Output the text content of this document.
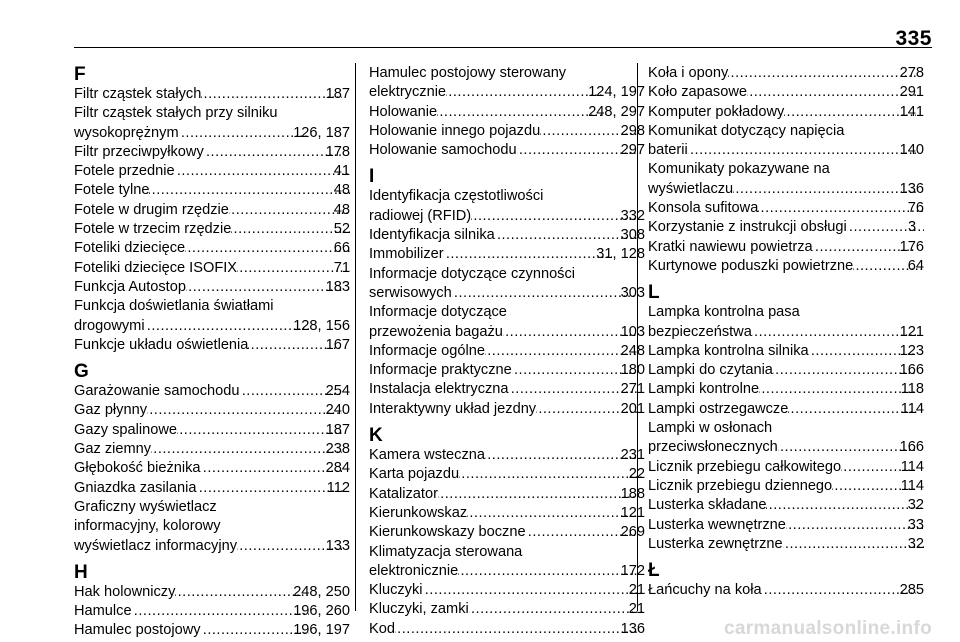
335
F
Filtr cząstek stałych .....	187
Filtr cząstek stałych przy silniku
wysokoprężnym .....	126, 187
Filtr przeciwpyłkowy .....	178
Fotele przednie .....	41
Fotele tylne .....	48
Fotele w drugim rzędzie .....	48
Fotele w trzecim rzędzie .....	52
Foteliki dziecięce .....	66
Foteliki dziecięce ISOFIX .....	71
Funkcja Autostop .....	183
Funkcja doświetlania światłami
drogowymi .....	128, 156
Funkcje układu oświetlenia .....	167
G
Garażowanie samochodu .....	254
Gaz płynny .....	240
Gazy spalinowe .....	187
Gaz ziemny .....	238
Głębokość bieżnika .....	284
Gniazdka zasilania .....	112
Graficzny wyświetlacz
informacyjny, kolorowy
wyświetlacz informacyjny .....	133
H
Hak holowniczy .....	248, 250
Hamulce .....	196, 260
Hamulec postojowy .....	196, 197
Hamulec postojowy sterowany
elektrycznie .....	124, 197
Holowanie .....	248, 297
Holowanie innego pojazdu .....	298
Holowanie samochodu .....	297
I
Identyfikacja częstotliwości
radiowej (RFID) .....	332
Identyfikacja silnika .....	308
Immobilizer .....	31, 128
Informacje dotyczące czynności
serwisowych .....	303
Informacje dotyczące
przewożenia bagażu .....	103
Informacje ogólne .....	248
Informacje praktyczne .....	180
Instalacja elektryczna .....	271
Interaktywny układ jezdny .....	201
K
Kamera wsteczna .....	231
Karta pojazdu .....	22
Katalizator .....	188
Kierunkowskaz .....	121
Kierunkowskazy boczne .....	269
Klimatyzacja sterowana
elektronicznie .....	172
Kluczyki .....	21
Kluczyki, zamki .....	21
Kod .....	136
Koła i opony .....	278
Koło zapasowe .....	291
Komputer pokładowy .....	141
Komunikat dotyczący napięcia
baterii .....	140
Komunikaty pokazywane na
wyświetlaczu .....	136
Konsola sufitowa .....	76
Korzystanie z instrukcji obsługi .....	3
Kratki nawiewu powietrza .....	176
Kurtynowe poduszki powietrzne .....	64
L
Lampka kontrolna pasa
bezpieczeństwa .....	121
Lampka kontrolna silnika .....	123
Lampki do czytania .....	166
Lampki kontrolne .....	118
Lampki ostrzegawcze .....	114
Lampki w osłonach
przeciwsłonecznych .....	166
Licznik przebiegu całkowitego .....	114
Licznik przebiegu dziennego .....	114
Lusterka składane .....	32
Lusterka wewnętrzne .....	33
Lusterka zewnętrzne .....	32
Ł
Łańcuchy na koła .....	285
carmanualsonline.info
